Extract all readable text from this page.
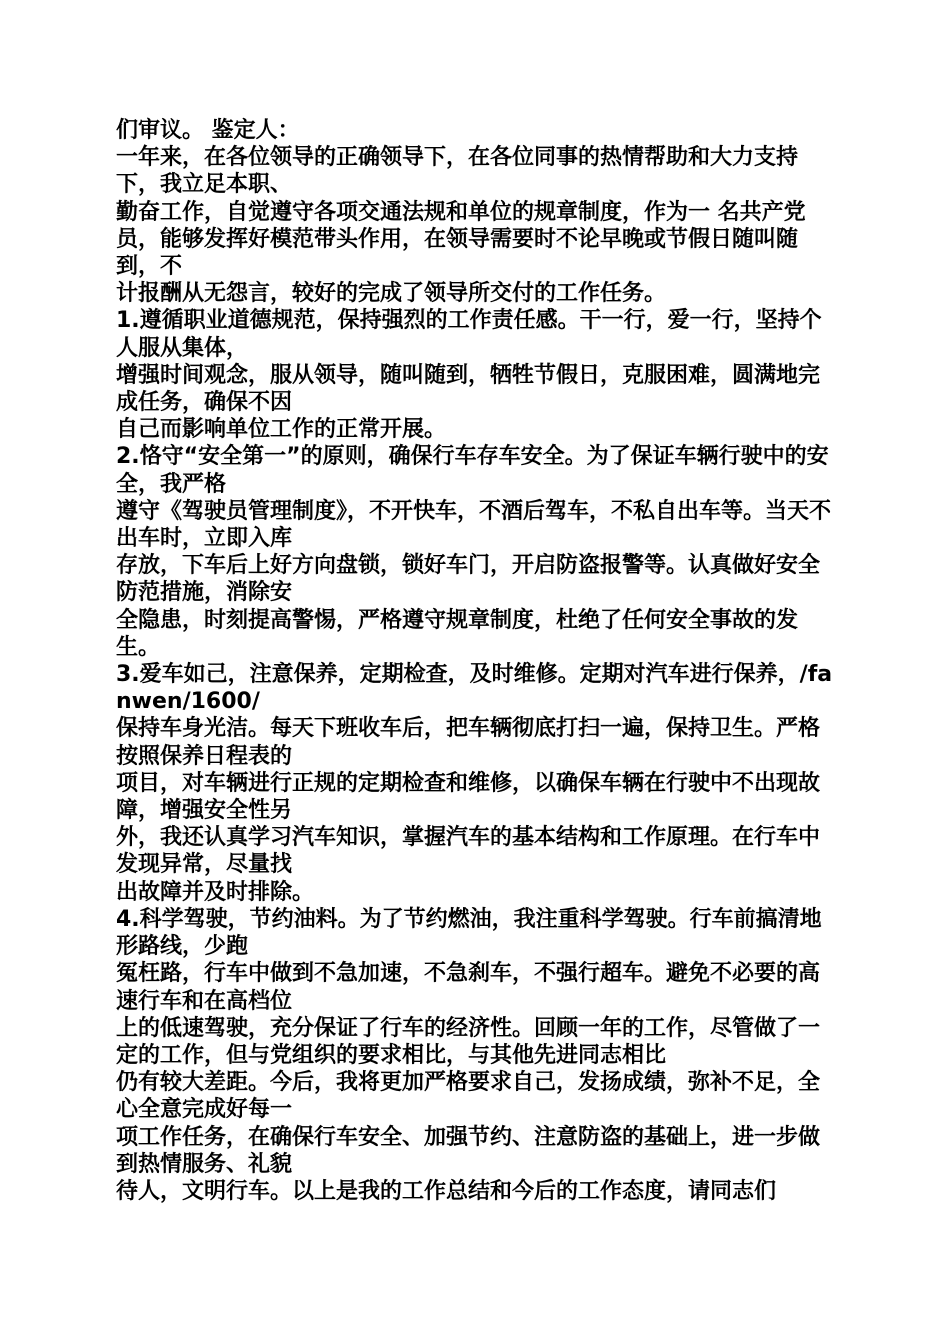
们审议。 鉴定人：

一年来，在各位领导的正确领导下，在各位同事的热情帮助和大力支持下，我立足本职、

勤奋工作，自觉遵守各项交通法规和单位的规章制度，作为一 名共产党员，能够发挥好模范带头作用，在领导需要时不论早晚或节假日随叫随到，不

计报酬从无怨言，较好的完成了领导所交付的工作任务。

1.遵循职业道德规范，保持强烈的工作责任感。干一行，爱一行，坚持个人服从集体，

增强时间观念，服从领导，随叫随到，牺牲节假日，克服困难，圆满地完成任务，确保不因

自己而影响单位工作的正常开展。

2.恪守“安全第一”的原则，确保行车存车安全。为了保证车辆行驶中的安全，我严格

遵守《驾驶员管理制度》，不开快车，不酒后驾车，不私自出车等。当天不出车时，立即入库

存放，下车后上好方向盘锁，锁好车门，开启防盗报警等。认真做好安全防范措施，消除安

全隐患，时刻提高警惕，严格遵守规章制度，杜绝了任何安全事故的发生。

3.爱车如己，注意保养，定期检查，及时维修。定期对汽车进行保养，/fanwen/1600/

保持车身光洁。每天下班收车后，把车辆彻底打扫一遍，保持卫生。严格按照保养日程表的

项目，对车辆进行正规的定期检查和维修，以确保车辆在行驶中不出现故障，增强安全性另

外，我还认真学习汽车知识，掌握汽车的基本结构和工作原理。在行车中发现异常，尽量找

出故障并及时排除。

4.科学驾驶，节约油料。为了节约燃油，我注重科学驾驶。行车前搞清地形路线，少跑

冤枉路，行车中做到不急加速，不急刹车，不强行超车。避免不必要的高速行车和在高档位

上的低速驾驶，充分保证了行车的经济性。回顾一年的工作，尽管做了一定的工作，但与党组织的要求相比，与其他先进同志相比

仍有较大差距。今后，我将更加严格要求自己，发扬成绩，弥补不足，全心全意完成好每一

项工作任务，在确保行车安全、加强节约、注意防盗的基础上，进一步做到热情服务、礼貌

待人，文明行车。以上是我的工作总结和今后的工作态度，请同志们
